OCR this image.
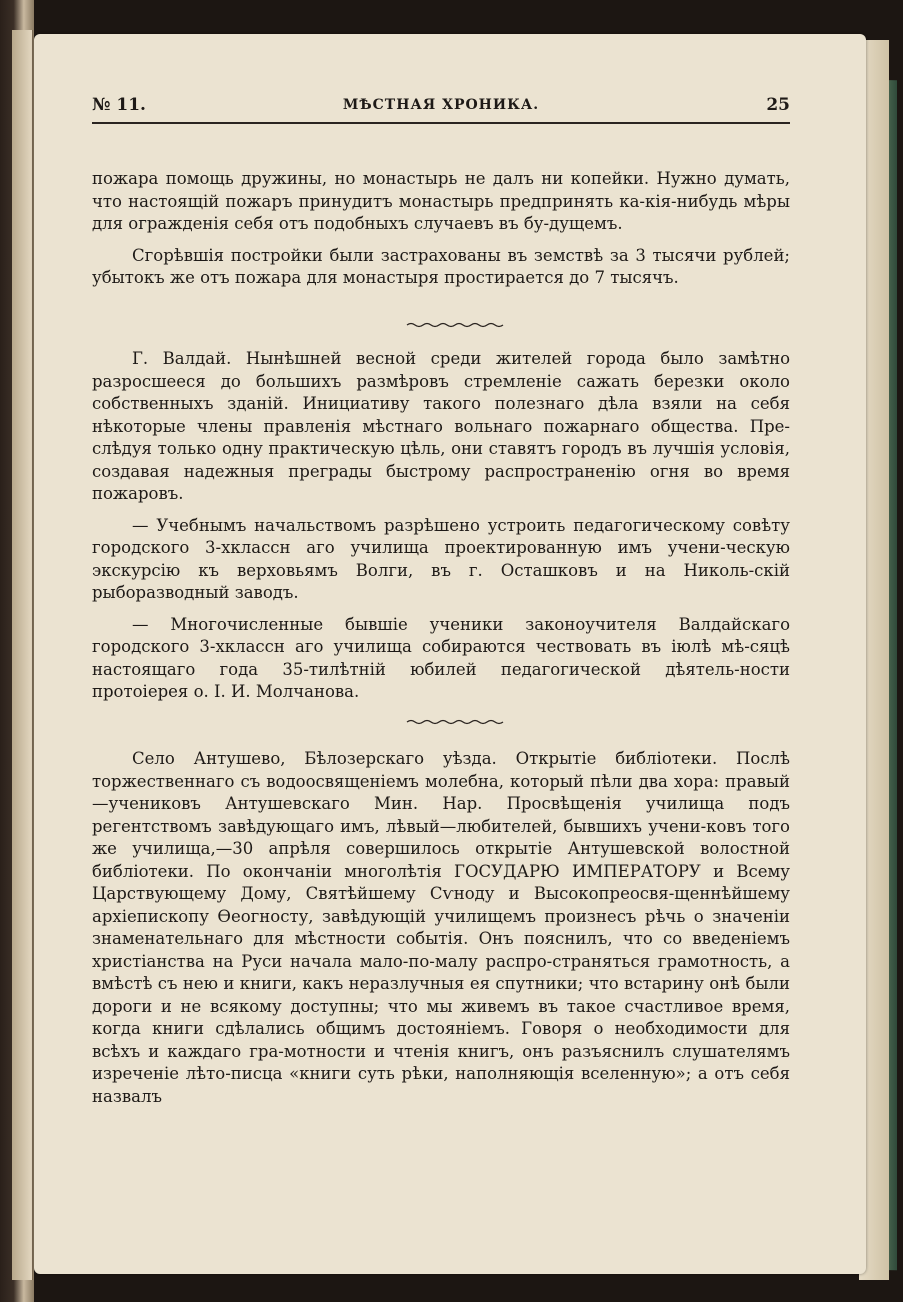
№ 11.	МѢСТНАЯ ХРОНИКА.	25

пожара помощь дружины, но монастырь не далъ ни копейки. Нужно думать, что настоящій пожаръ принудитъ монастырь предпринять ка-кія-нибудь мѣры для огражденія себя отъ подобныхъ случаевъ въ бу-дущемъ.

Сгорѣвшія постройки были застрахованы въ земствѣ за 3 тысячи рублей; убытокъ же отъ пожара для монастыря простирается до 7 тысячъ.

Г. Валдай. Нынѣшней весной среди жителей города было замѣтно разросшееся до большихъ размѣровъ стремленіе сажать березки около собственныхъ зданій. Инициативу такого полезнаго дѣла взяли на себя нѣкоторые члены правленія мѣстнаго вольнаго пожарнаго общества. Пре-слѣдуя только одну практическую цѣль, они ставятъ городъ въ лучшія условія, создавая надежныя преграды быстрому распространенію огня во время пожаровъ.

— Учебнымъ начальствомъ разрѣшено устроить педагогическому совѣту городского 3-хклассн аго училища проектированную имъ учени-ческую экскурсію къ верховьямъ Волги, въ г. Осташковъ и на Николь-скій рыборазводный заводъ.

— Многочисленные бывшіе ученики законоучителя Валдайскаго городского 3-хклассн аго училища собираются чествовать въ іюлѣ мѣ-сяцѣ настоящаго года 35-тилѣтній юбилей педагогической дѣятель-ности протоіерея о. І. И. Молчанова.

Село Антушево, Бѣлозерскаго уѣзда. Открытіе библіотеки. Послѣ торжественнаго съ водоосвященіемъ молебна, который пѣли два хора: правый—учениковъ Антушевскаго Мин. Нар. Просвѣщенія училища подъ регентствомъ завѣдующаго имъ, лѣвый—любителей, бывшихъ учени-ковъ того же училища,—30 апрѣля совершилось открытіе Антушевской волостной библіотеки. По окончаніи многолѣтія ГОСУДАРЮ ИМПЕРАТОРУ и Всему Царствующему Дому, Святѣйшему Сѵноду и Высокопреосвя-щеннѣйшему архіепископу Ѳеогносту, завѣдующій училищемъ произнесъ рѣчь о значеніи знаменательнаго для мѣстности событія. Онъ пояснилъ, что со введеніемъ христіанства на Руси начала мало-по-малу распро-страняться грамотность, а вмѣстѣ съ нею и книги, какъ неразлучныя ея спутники; что встарину онѣ были дороги и не всякому доступны; что мы живемъ въ такое счастливое время, когда книги сдѣлались общимъ достояніемъ. Говоря о необходимости для всѣхъ и каждаго гра-мотности и чтенія книгъ, онъ разъяснилъ слушателямъ изреченіе лѣто-писца «книги суть рѣки, наполняющія вселенную»; а отъ себя назвалъ
